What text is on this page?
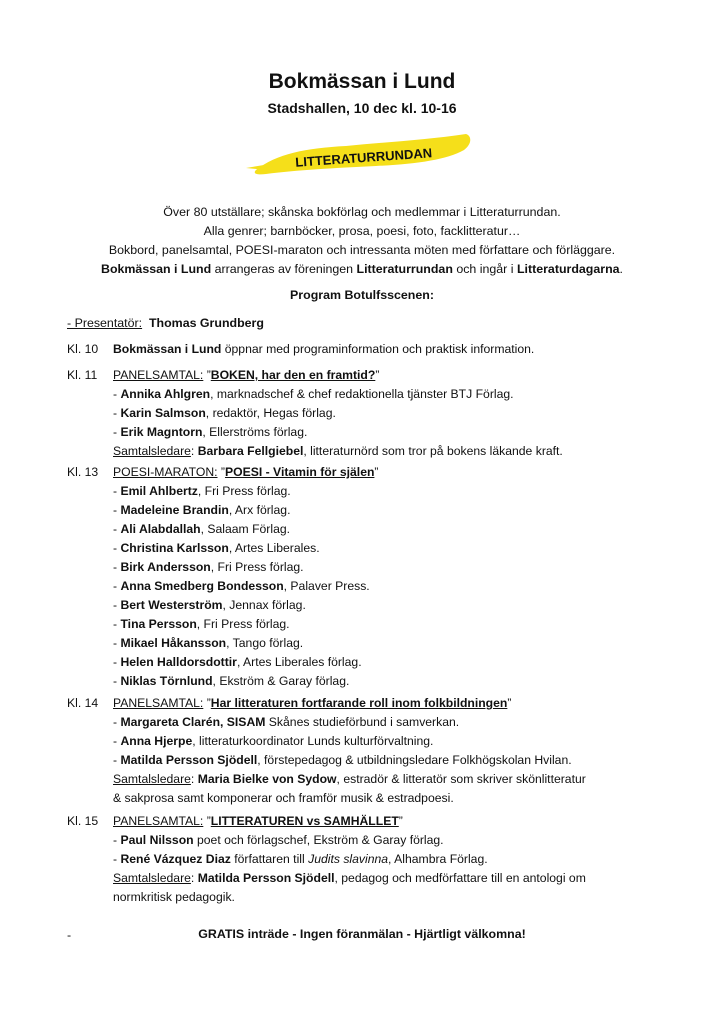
Bokmässan i Lund
Stadshallen, 10 dec kl. 10-16
LITTERATURRUNDAN
Över 80 utställare; skånska bokförlag och medlemmar i Litteraturrundan.
Alla genrer; barnböcker, prosa, poesi, foto, facklitteratur…
Bokbord, panelsamtal, POESI-maraton och intressanta möten med författare och förläggare.
Bokmässan i Lund arrangeras av föreningen Litteraturrundan och ingår i Litteraturdagarna.
Program Botulfsscenen:
- Presentatör: Thomas Grundberg
Kl. 10	Bokmässan i Lund öppnar med programinformation och praktisk information.
Kl. 11	PANELSAMTAL: ”BOKEN, har den en framtid?”
- Annika Ahlgren, marknadschef & chef redaktionella tjänster BTJ Förlag.
- Karin Salmson, redaktör, Hegas förlag.
- Erik Magntorn, Ellerströms förlag.
Samtalsledare: Barbara Fellgiebel, litteraturnörd som tror på bokens läkande kraft.
Kl. 13	POESI-MARATON: ”POESI - Vitamin för själen”
- Emil Ahlbertz, Fri Press förlag.
- Madeleine Brandin, Arx förlag.
- Ali Alabdallah, Salaam Förlag.
- Christina Karlsson, Artes Liberales.
- Birk Andersson, Fri Press förlag.
- Anna Smedberg Bondesson, Palaver Press.
- Bert Westerström, Jennax förlag.
- Tina Persson, Fri Press förlag.
- Mikael Håkansson, Tango förlag.
- Helen Halldorsdottir, Artes Liberales förlag.
- Niklas Törnlund, Ekström & Garay förlag.
Kl. 14	PANELSAMTAL: ”Har litteraturen fortfarande roll inom folkbildningen”
- Margareta Clarén, SISAM Skånes studieförbund i samverkan.
- Anna Hjerpe, litteraturkoordinator Lunds kulturförvaltning.
- Matilda Persson Sjödell, förstepedagog & utbildningsledare Folkhögskolan Hvilan.
Samtalsledare: Maria Bielke von Sydow, estradör & litteratör som skriver skönlitteratur
& sakprosa samt komponerar och framför musik & estradpoesi.
Kl. 15	PANELSAMTAL: ”LITTERATUREN vs SAMHÄLLET”
- Paul Nilsson poet och förlagschef, Ekström & Garay förlag.
- René Vázquez Diaz författaren till Judits slavinna, Alhambra Förlag.
Samtalsledare: Matilda Persson Sjödell, pedagog och medförfattare till en antologi om
normkritisk pedagogik.
-	GRATIS inträde - Ingen föranmälan - Hjärtligt välkomna!
